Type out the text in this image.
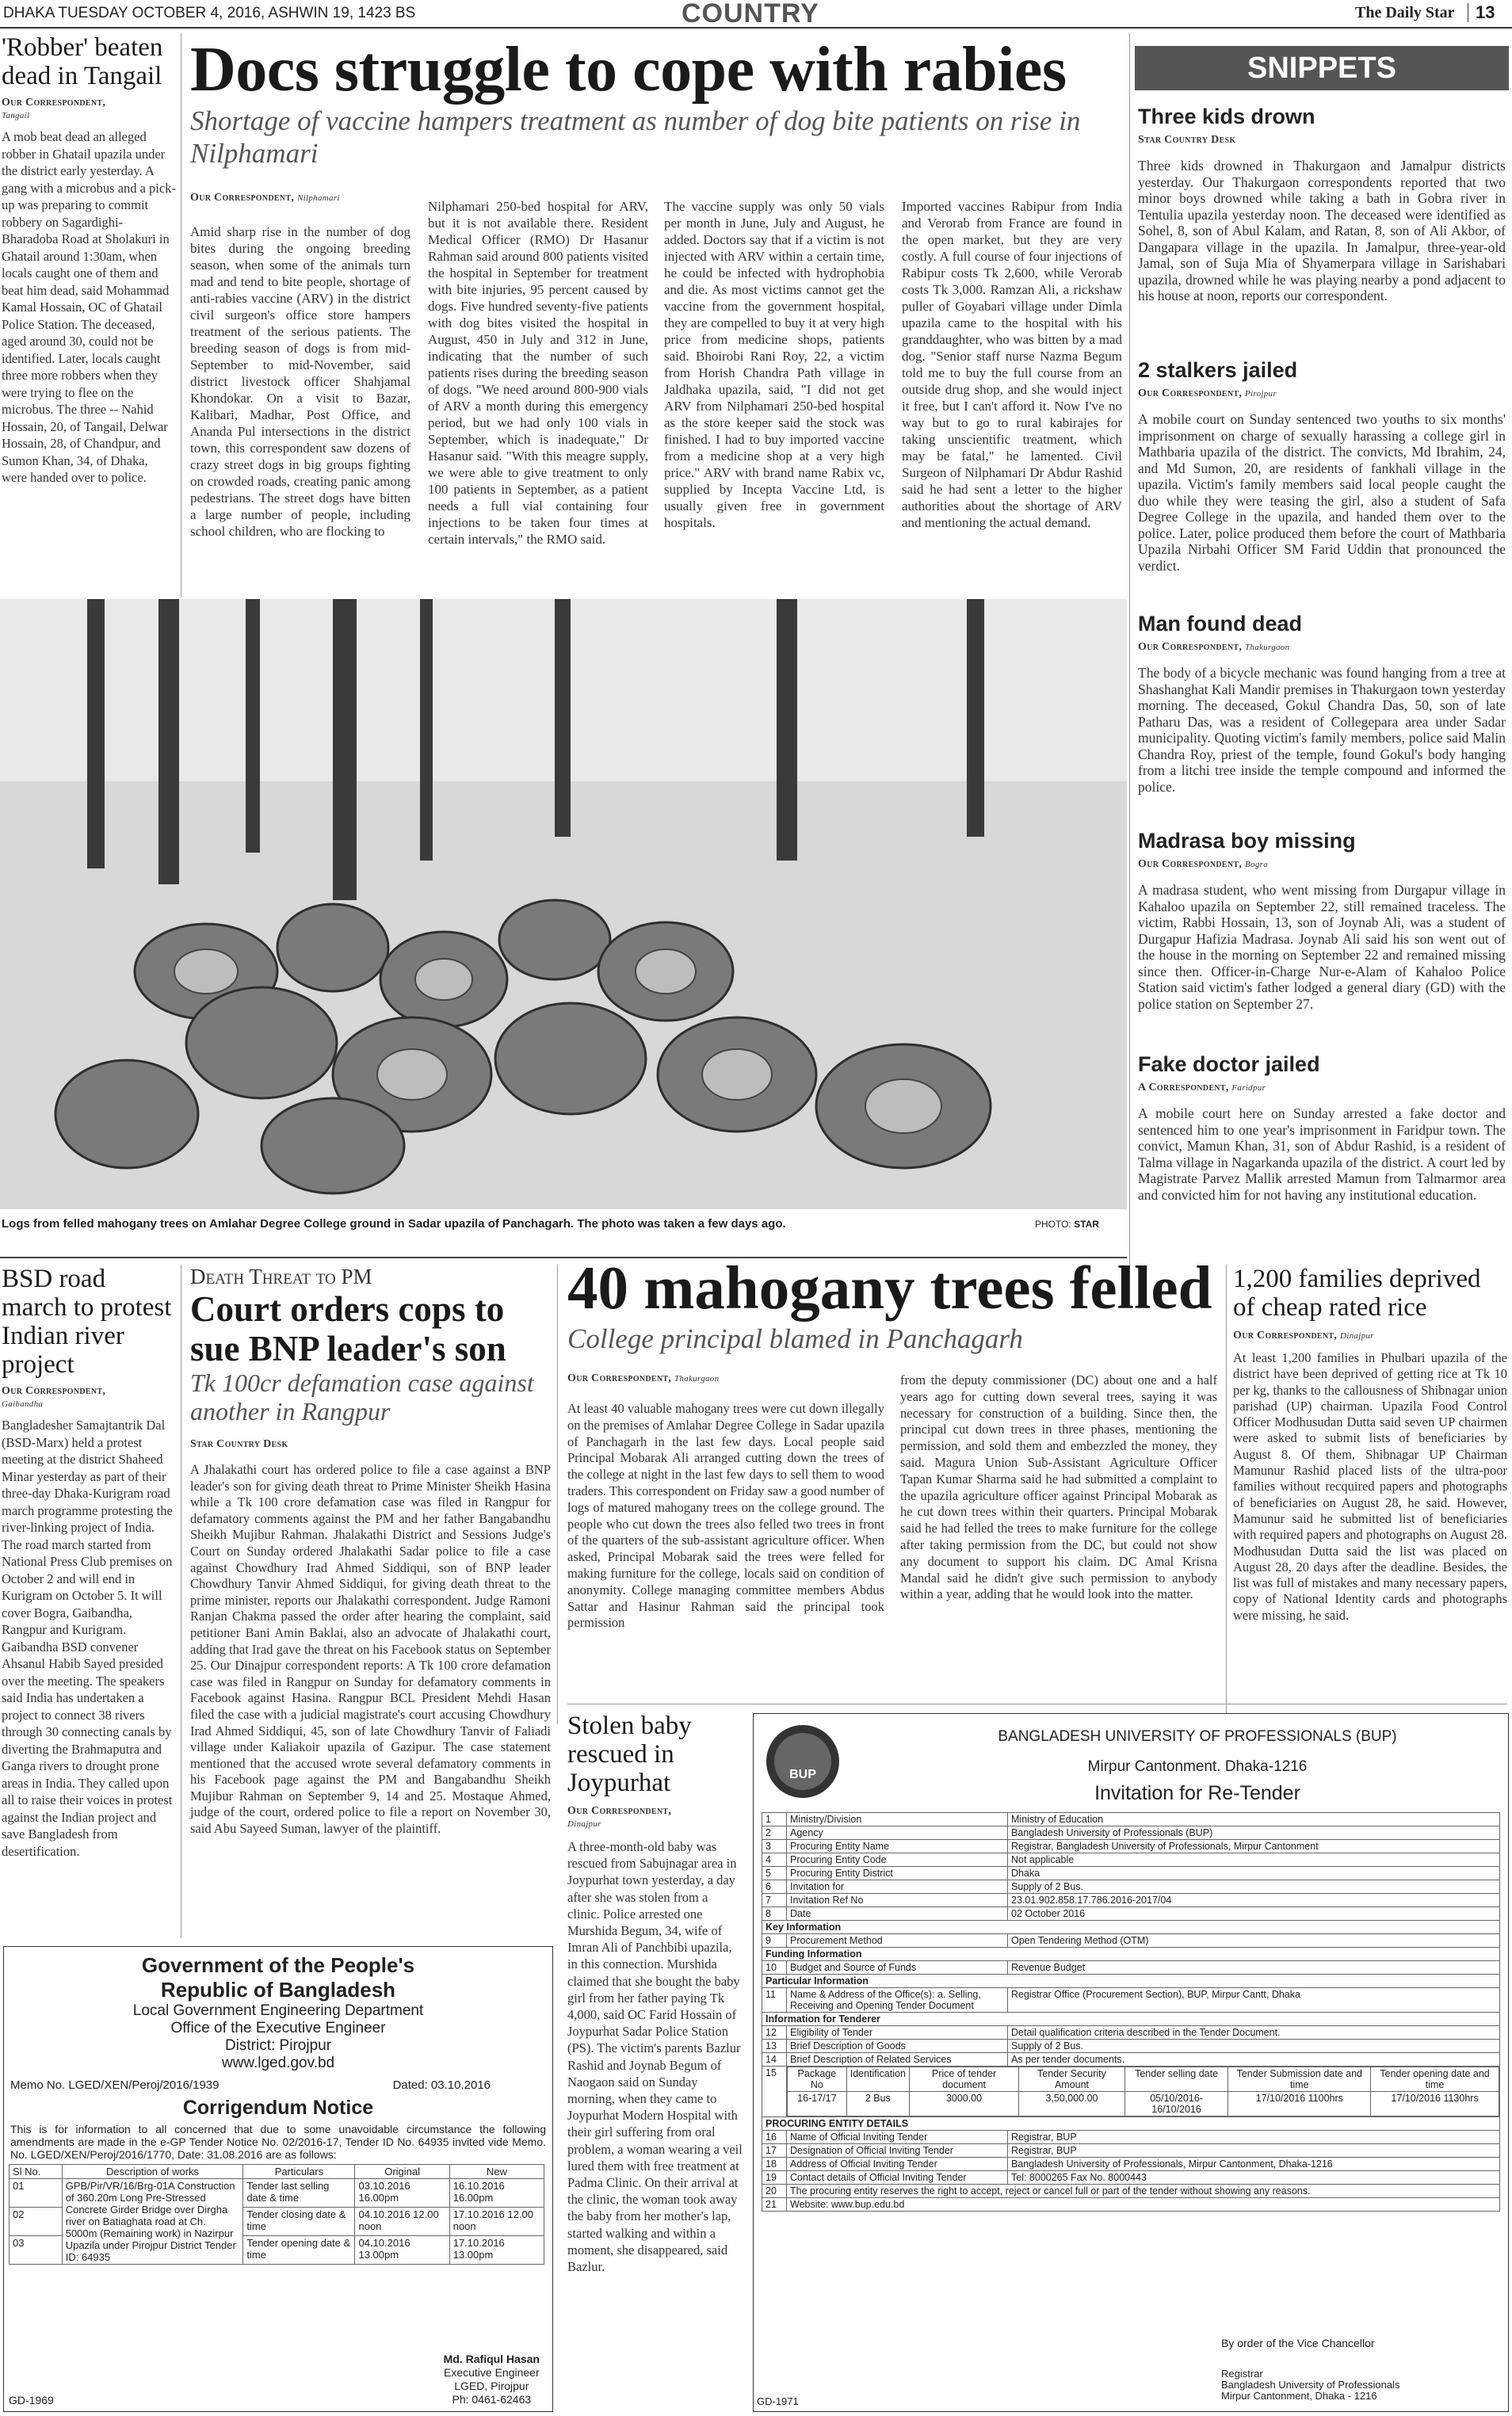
DHAKA TUESDAY OCTOBER 4, 2016, ASHWIN 19, 1423 BS	COUNTRY	The Daily Star 13
'Robber' beaten dead in Tangail
Our Correspondent,
Tangail
A mob beat dead an alleged robber in Ghatail upazila under the district early yesterday. A gang with a microbus and a pick-up was preparing to commit robbery on Sagardighi-Bharadoba Road at Sholakuri in Ghatail around 1:30am, when locals caught one of them and beat him dead, said Mohammad Kamal Hossain, OC of Ghatail Police Station. The deceased, aged around 30, could not be identified. Later, locals caught three more robbers when they were trying to flee on the microbus. The three -- Nahid Hossain, 20, of Tangail, Delwar Hossain, 28, of Chandpur, and Sumon Khan, 34, of Dhaka, were handed over to police.
Docs struggle to cope with rabies
Shortage of vaccine hampers treatment as number of dog bite patients on rise in Nilphamari
Our Correspondent, Nilphamari
Amid sharp rise in the number of dog bites during the ongoing breeding season, when some of the animals turn mad and tend to bite people, shortage of anti-rabies vaccine (ARV) in the district civil surgeon's office store hampers treatment of the serious patients. The breeding season of dogs is from mid-September to mid-November, said district livestock officer Shahjamal Khondokar. On a visit to Bazar, Kalibari, Madhar, Post Office, and Ananda Pul intersections in the district town, this correspondent saw dozens of crazy street dogs in big groups fighting on crowded roads, creating panic among pedestrians. The street dogs have bitten a large number of people, including school children, who are flocking to
Nilphamari 250-bed hospital for ARV, but it is not available there. Resident Medical Officer (RMO) Dr Hasanur Rahman said around 800 patients visited the hospital in September for treatment with bite injuries, 95 percent caused by dogs. Five hundred seventy-five patients with dog bites visited the hospital in August, 450 in July and 312 in June, indicating that the number of such patients rises during the breeding season of dogs. "We need around 800-900 vials of ARV a month during this emergency period, but we had only 100 vials in September, which is inadequate," Dr Hasanur said. "With this meagre supply, we were able to give treatment to only 100 patients in September, as a patient needs a full vial containing four injections to be taken four times at certain intervals," the RMO said.
The vaccine supply was only 50 vials per month in June, July and August, he added. Doctors say that if a victim is not injected with ARV within a certain time, he could be infected with hydrophobia and die. As most victims cannot get the vaccine from the government hospital, they are compelled to buy it at very high price from medicine shops, patients said. Bhoirobi Rani Roy, 22, a victim from Horish Chandra Path village in Jaldhaka upazila, said, "I did not get ARV from Nilphamari 250-bed hospital as the store keeper said the stock was finished. I had to buy imported vaccine from a medicine shop at a very high price." ARV with brand name Rabix vc, supplied by Incepta Vaccine Ltd, is usually given free in government hospitals.
Imported vaccines Rabipur from India and Verorab from France are found in the open market, but they are very costly. A full course of four injections of Rabipur costs Tk 2,600, while Verorab costs Tk 3,000. Ramzan Ali, a rickshaw puller of Goyabari village under Dimla upazila came to the hospital with his granddaughter, who was bitten by a mad dog. "Senior staff nurse Nazma Begum told me to buy the full course from an outside drug shop, and she would inject it free, but I can't afford it. Now I've no way but to go to rural kabirajes for taking unscientific treatment, which may be fatal," he lamented. Civil Surgeon of Nilphamari Dr Abdur Rashid said he had sent a letter to the higher authorities about the shortage of ARV and mentioning the actual demand.
SNIPPETS
Three kids drown
Star Country Desk
Three kids drowned in Thakurgaon and Jamalpur districts yesterday. Our Thakurgaon correspondents reported that two minor boys drowned while taking a bath in Gobra river in Tentulia upazila yesterday noon. The deceased were identified as Sohel, 8, son of Abul Kalam, and Ratan, 8, son of Ali Akbor, of Dangapara village in the upazila. In Jamalpur, three-year-old Jamal, son of Suja Mia of Shyamerpara village in Sarishabari upazila, drowned while he was playing nearby a pond adjacent to his house at noon, reports our correspondent.
2 stalkers jailed
Our Correspondent, Pirojpur
A mobile court on Sunday sentenced two youths to six months' imprisonment on charge of sexually harassing a college girl in Mathbaria upazila of the district. The convicts, Md Ibrahim, 24, and Md Sumon, 20, are residents of fankhali village in the upazila. Victim's family members said local people caught the duo while they were teasing the girl, also a student of Safa Degree College in the upazila, and handed them over to the police. Later, police produced them before the court of Mathbaria Upazila Nirbahi Officer SM Farid Uddin that pronounced the verdict.
Man found dead
Our Correspondent, Thakurgaon
The body of a bicycle mechanic was found hanging from a tree at Shashanghat Kali Mandir premises in Thakurgaon town yesterday morning. The deceased, Gokul Chandra Das, 50, son of late Patharu Das, was a resident of Collegepara area under Sadar municipality. Quoting victim's family members, police said Malin Chandra Roy, priest of the temple, found Gokul's body hanging from a litchi tree inside the temple compound and informed the police.
Madrasa boy missing
Our Correspondent, Bogra
A madrasa student, who went missing from Durgapur village in Kahaloo upazila on September 22, still remained traceless. The victim, Rabbi Hossain, 13, son of Joynab Ali, was a student of Durgapur Hafizia Madrasa. Joynab Ali said his son went out of the house in the morning on September 22 and remained missing since then. Officer-in-Charge Nur-e-Alam of Kahaloo Police Station said victim's father lodged a general diary (GD) with the police station on September 27.
Fake doctor jailed
A Correspondent, Faridpur
A mobile court here on Sunday arrested a fake doctor and sentenced him to one year's imprisonment in Faridpur town. The convict, Mamun Khan, 31, son of Abdur Rashid, is a resident of Talma village in Nagarkanda upazila of the district. A court led by Magistrate Parvez Mallik arrested Mamun from Talmarmor area and convicted him for not having any institutional education.
Logs from felled mahogany trees on Amlahar Degree College ground in Sadar upazila of Panchagarh. The photo was taken a few days ago.	PHOTO: STAR
BSD road march to protest Indian river project
Our Correspondent,
Gaibandha
Bangladesher Samajtantrik Dal (BSD-Marx) held a protest meeting at the district Shaheed Minar yesterday as part of their three-day Dhaka-Kurigram road march programme protesting the river-linking project of India. The road march started from National Press Club premises on October 2 and will end in Kurigram on October 5. It will cover Bogra, Gaibandha, Rangpur and Kurigram. Gaibandha BSD convener Ahsanul Habib Sayed presided over the meeting. The speakers said India has undertaken a project to connect 38 rivers through 30 connecting canals by diverting the Brahmaputra and Ganga rivers to drought prone areas in India. They called upon all to raise their voices in protest against the Indian project and save Bangladesh from desertification.
Death Threat to PM
Court orders cops to sue BNP leader's son
Tk 100cr defamation case against another in Rangpur
Star Country Desk
A Jhalakathi court has ordered police to file a case against a BNP leader's son for giving death threat to Prime Minister Sheikh Hasina while a Tk 100 crore defamation case was filed in Rangpur for defamatory comments against the PM and her father Bangabandhu Sheikh Mujibur Rahman. Jhalakathi District and Sessions Judge's Court on Sunday ordered Jhalakathi Sadar police to file a case against Chowdhury Irad Ahmed Siddiqui, son of BNP leader Chowdhury Tanvir Ahmed Siddiqui, for giving death threat to the prime minister, reports our Jhalakathi correspondent. Judge Ramoni Ranjan Chakma passed the order after hearing the complaint, said petitioner Bani Amin Baklai, also an advocate of Jhalakathi court, adding that Irad gave the threat on his Facebook status on September 25. Our Dinajpur correspondent reports: A Tk 100 crore defamation case was filed in Rangpur on Sunday for defamatory comments in Facebook against Hasina. Rangpur BCL President Mehdi Hasan filed the case with a judicial magistrate's court accusing Chowdhury Irad Ahmed Siddiqui, 45, son of late Chowdhury Tanvir of Faliadi village under Kaliakoir upazila of Gazipur. The case statement mentioned that the accused wrote several defamatory comments in his Facebook page against the PM and Bangabandhu Sheikh Mujibur Rahman on September 9, 14 and 25. Mostaque Ahmed, judge of the court, ordered police to file a report on November 30, said Abu Sayeed Suman, lawyer of the plaintiff.
40 mahogany trees felled
College principal blamed in Panchagarh
Our Correspondent, Thakurgaon
At least 40 valuable mahogany trees were cut down illegally on the premises of Amlahar Degree College in Sadar upazila of Panchagarh in the last few days. Local people said Principal Mobarak Ali arranged cutting down the trees of the college at night in the last few days to sell them to wood traders. This correspondent on Friday saw a good number of logs of matured mahogany trees on the college ground. The people who cut down the trees also felled two trees in front of the quarters of the sub-assistant agriculture officer. When asked, Principal Mobarak said the trees were felled for making furniture for the college, locals said on condition of anonymity. College managing committee members Abdus Sattar and Hasinur Rahman said the principal took permission
from the deputy commissioner (DC) about one and a half years ago for cutting down several trees, saying it was necessary for construction of a building. Since then, the principal cut down trees in three phases, mentioning the permission, and sold them and embezzled the money, they said. Magura Union Sub-Assistant Agriculture Officer Tapan Kumar Sharma said he had submitted a complaint to the upazila agriculture officer against Principal Mobarak as he cut down trees within their quarters. Principal Mobarak said he had felled the trees to make furniture for the college after taking permission from the DC, but could not show any document to support his claim. DC Amal Krisna Mandal said he didn't give such permission to anybody within a year, adding that he would look into the matter.
1,200 families deprived of cheap rated rice
Our Correspondent, Dinajpur
At least 1,200 families in Phulbari upazila of the district have been deprived of getting rice at Tk 10 per kg, thanks to the callousness of Shibnagar union parishad (UP) chairman. Upazila Food Control Officer Modhusudan Dutta said seven UP chairmen were asked to submit lists of beneficiaries by August 8. Of them, Shibnagar UP Chairman Mamunur Rashid placed lists of the ultra-poor families without recquired papers and photographs of beneficiaries on August 28, he said. However, Mamunur said he submitted list of beneficiaries with required papers and photographs on August 28. Modhusudan Dutta said the list was placed on August 28, 20 days after the deadline. Besides, the list was full of mistakes and many necessary papers, copy of National Identity cards and photographs were missing, he said.
Stolen baby rescued in Joypurhat
Our Correspondent,
Dinajpur
A three-month-old baby was rescued from Sabujnagar area in Joypurhat town yesterday, a day after she was stolen from a clinic. Police arrested one Murshida Begum, 34, wife of Imran Ali of Panchbibi upazila, in this connection. Murshida claimed that she bought the baby girl from her father paying Tk 4,000, said OC Farid Hossain of Joypurhat Sadar Police Station (PS). The victim's parents Bazlur Rashid and Joynab Begum of Naogaon said on Sunday morning, when they came to Joypurhat Modern Hospital with their girl suffering from oral problem, a woman wearing a veil lured them with free treatment at Padma Clinic. On their arrival at the clinic, the woman took away the baby from her mother's lap, started walking and within a moment, she disappeared, said Bazlur.
Government of the People's
Republic of Bangladesh
Local Government Engineering Department
Office of the Executive Engineer
District: Pirojpur
www.lged.gov.bd
Memo No. LGED/XEN/Peroj/2016/1939	Dated: 03.10.2016
Corrigendum Notice
This is for information to all concerned that due to some unavoidable circumstance the following amendments are made in the e-GP Tender Notice No. 02/2016-17, Tender ID No. 64935 invited vide Memo. No. LGED/XEN/Peroj/2016/1770, Date: 31.08.2016 are as follows:
Sl No.	Description of works	Particulars	Original	New
01	GPB/Pir/VR/16/Brg-01A Construction of 360.20m Long Pre-Stressed Concrete Girder Bridge over Dirgha river on Batiaghata road at Ch. 5000m (Remaining work) in Nazirpur Upazila under Pirojpur District Tender ID: 64935	Tender last selling date & time	03.10.2016 16.00pm	16.10.2016 16.00pm
02		Tender closing date & time	04.10.2016 12.00 noon	17.10.2016 12.00 noon
03		Tender opening date & time	04.10.2016 13.00pm	17.10.2016 13.00pm
Md. Rafiqul Hasan
Executive Engineer
LGED, Pirojpur
Ph: 0461-62463
GD-1969
BUP
BANGLADESH UNIVERSITY OF PROFESSIONALS (BUP)
Mirpur Cantonment. Dhaka-1216
Invitation for Re-Tender
1	Ministry/Division	Ministry of Education
2	Agency	Bangladesh University of Professionals (BUP)
3	Procuring Entity Name	Registrar, Bangladesh University of Professionals, Mirpur Cantonment
4	Procuring Entity Code	Not applicable
5	Procuring Entity District	Dhaka
6	Invitation for	Supply of 2 Bus.
7	Invitation Ref No	23.01.902.858.17.786.2016-2017/04
8	Date	02 October 2016
Key Information
9	Procurement Method	Open Tendering Method (OTM)
Funding Information
10	Budget and Source of Funds	Revenue Budget
Particular Information
11	Name & Address of the Office(s): a. Selling, Receiving and Opening Tender Document	Registrar Office (Procurement Section), BUP, Mirpur Cantt, Dhaka
Information for Tenderer
12	Eligibility of Tender	Detail qualification criteria described in the Tender Document.
13	Brief Description of Goods	Supply of 2 Bus.
14	Brief Description of Related Services	As per tender documents.
15	Package No	Identification	Price of tender document	Tender Security Amount	Tender selling date	Tender Submission date and time	Tender opening date and time
16-17/17	2 Bus	3000.00	3,50,000.00	05/10/2016-16/10/2016	17/10/2016 1100hrs	17/10/2016 1130hrs

PROCURING ENTITY DETAILS
16	Name of Official Inviting Tender	Registrar, BUP
17	Designation of Official Inviting Tender	Registrar, BUP
18	Address of Official Inviting Tender	Bangladesh University of Professionals, Mirpur Cantonment, Dhaka-1216
19	Contact details of Official Inviting Tender	Tel: 8000265 Fax No. 8000443
20	The procuring entity reserves the right to accept, reject or cancel full or part of the tender without showing any reasons.
21	Website: www.bup.edu.bd
By order of the Vice Chancellor
Registrar
Bangladesh University of Professionals
Mirpur Cantonment, Dhaka - 1216
GD-1971
